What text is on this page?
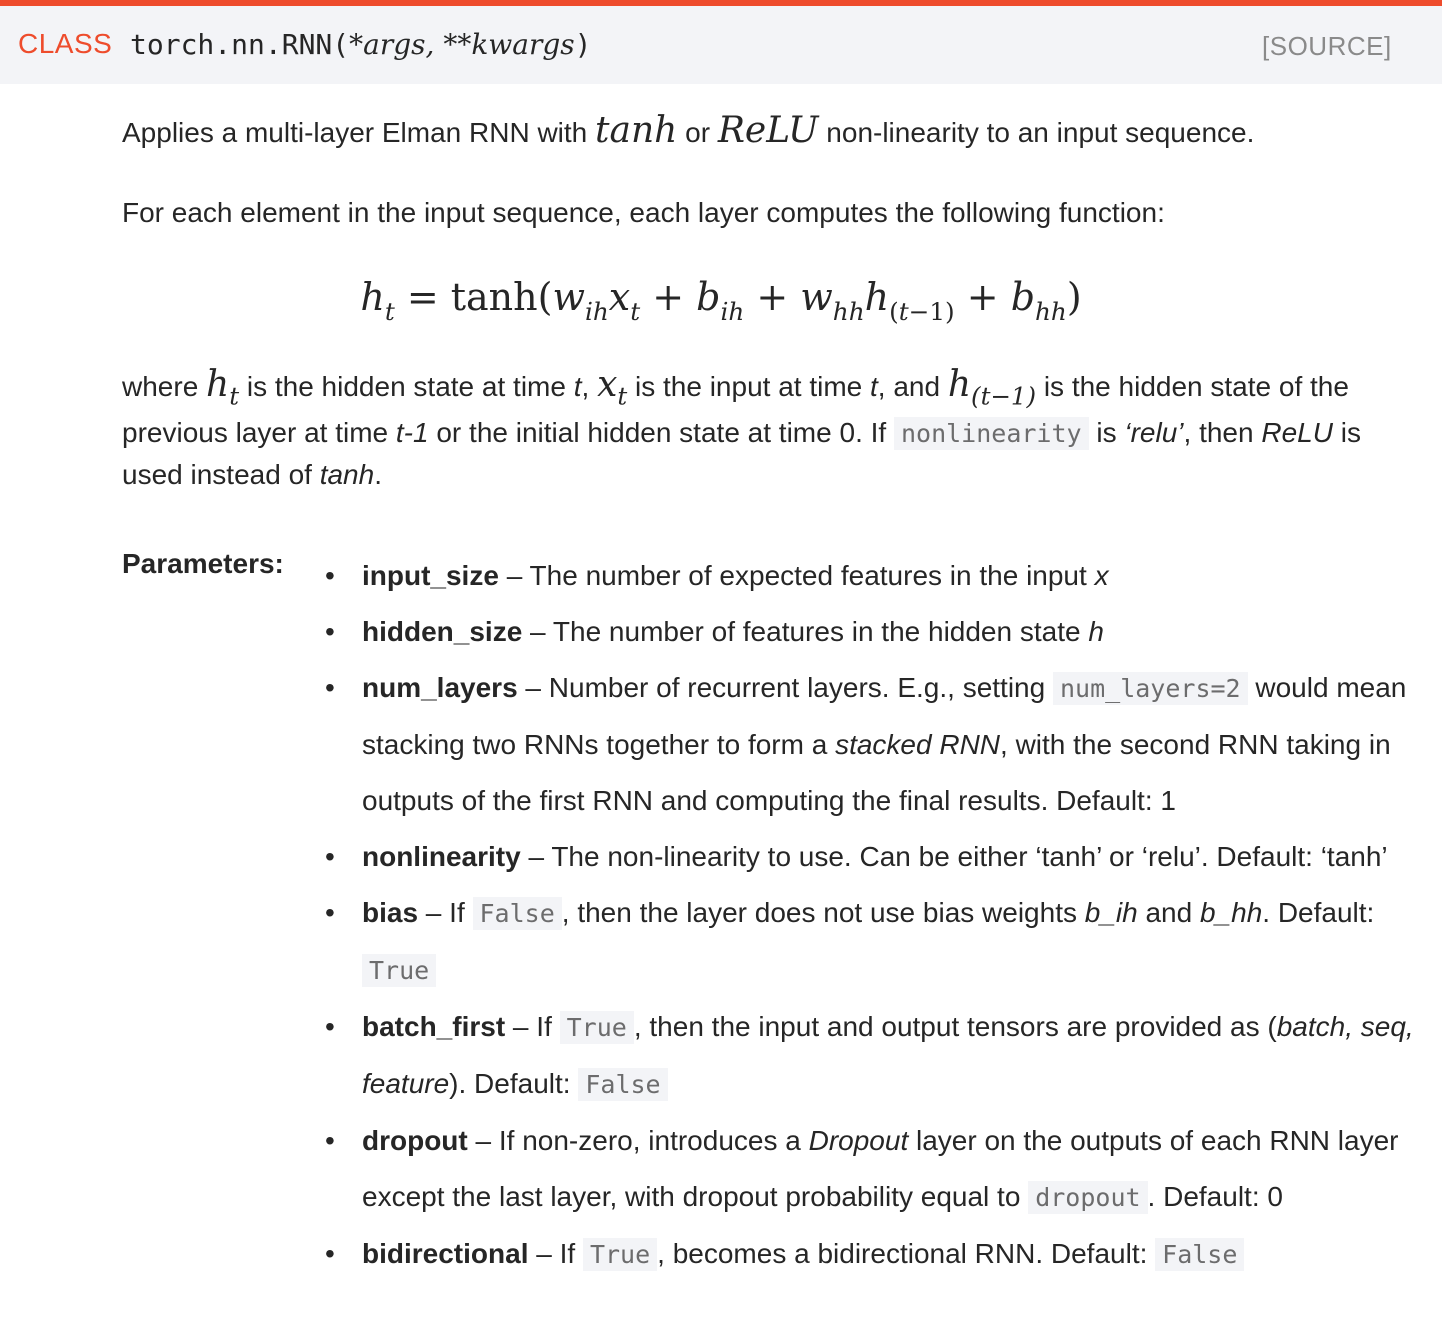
CLASS torch.nn.RNN(*args, **kwargs)	[SOURCE]
Applies a multi-layer Elman RNN with tanh or ReLU non-linearity to an input sequence.
For each element in the input sequence, each layer computes the following function:
$h_t = \tanh(w_{ih}x_t + b_{ih} + w_{hh}h_{(t-1)} + b_{hh})$
where $h_t$ is the hidden state at time t, $x_t$ is the input at time t, and $h_{(t-1)}$ is the hidden state of the
previous layer at time t-1 or the initial hidden state at time 0. If nonlinearity is ‘relu’, then ReLU is
used instead of tanh.
Parameters: • input_size – The number of expected features in the input x
• hidden_size – The number of features in the hidden state h
• num_layers – Number of recurrent layers. E.g., setting num_layers=2 would mean stacking two RNNs together to form a stacked RNN, with the second RNN taking in outputs of the first RNN and computing the final results. Default: 1
• nonlinearity – The non-linearity to use. Can be either ‘tanh’ or ‘relu’. Default: ‘tanh’
• bias – If False , then the layer does not use bias weights b_ih and b_hh. Default: True
• batch_first – If True , then the input and output tensors are provided as (batch, seq, feature). Default: False
• dropout – If non-zero, introduces a Dropout layer on the outputs of each RNN layer except the last layer, with dropout probability equal to dropout . Default: 0
• bidirectional – If True , becomes a bidirectional RNN. Default: False
